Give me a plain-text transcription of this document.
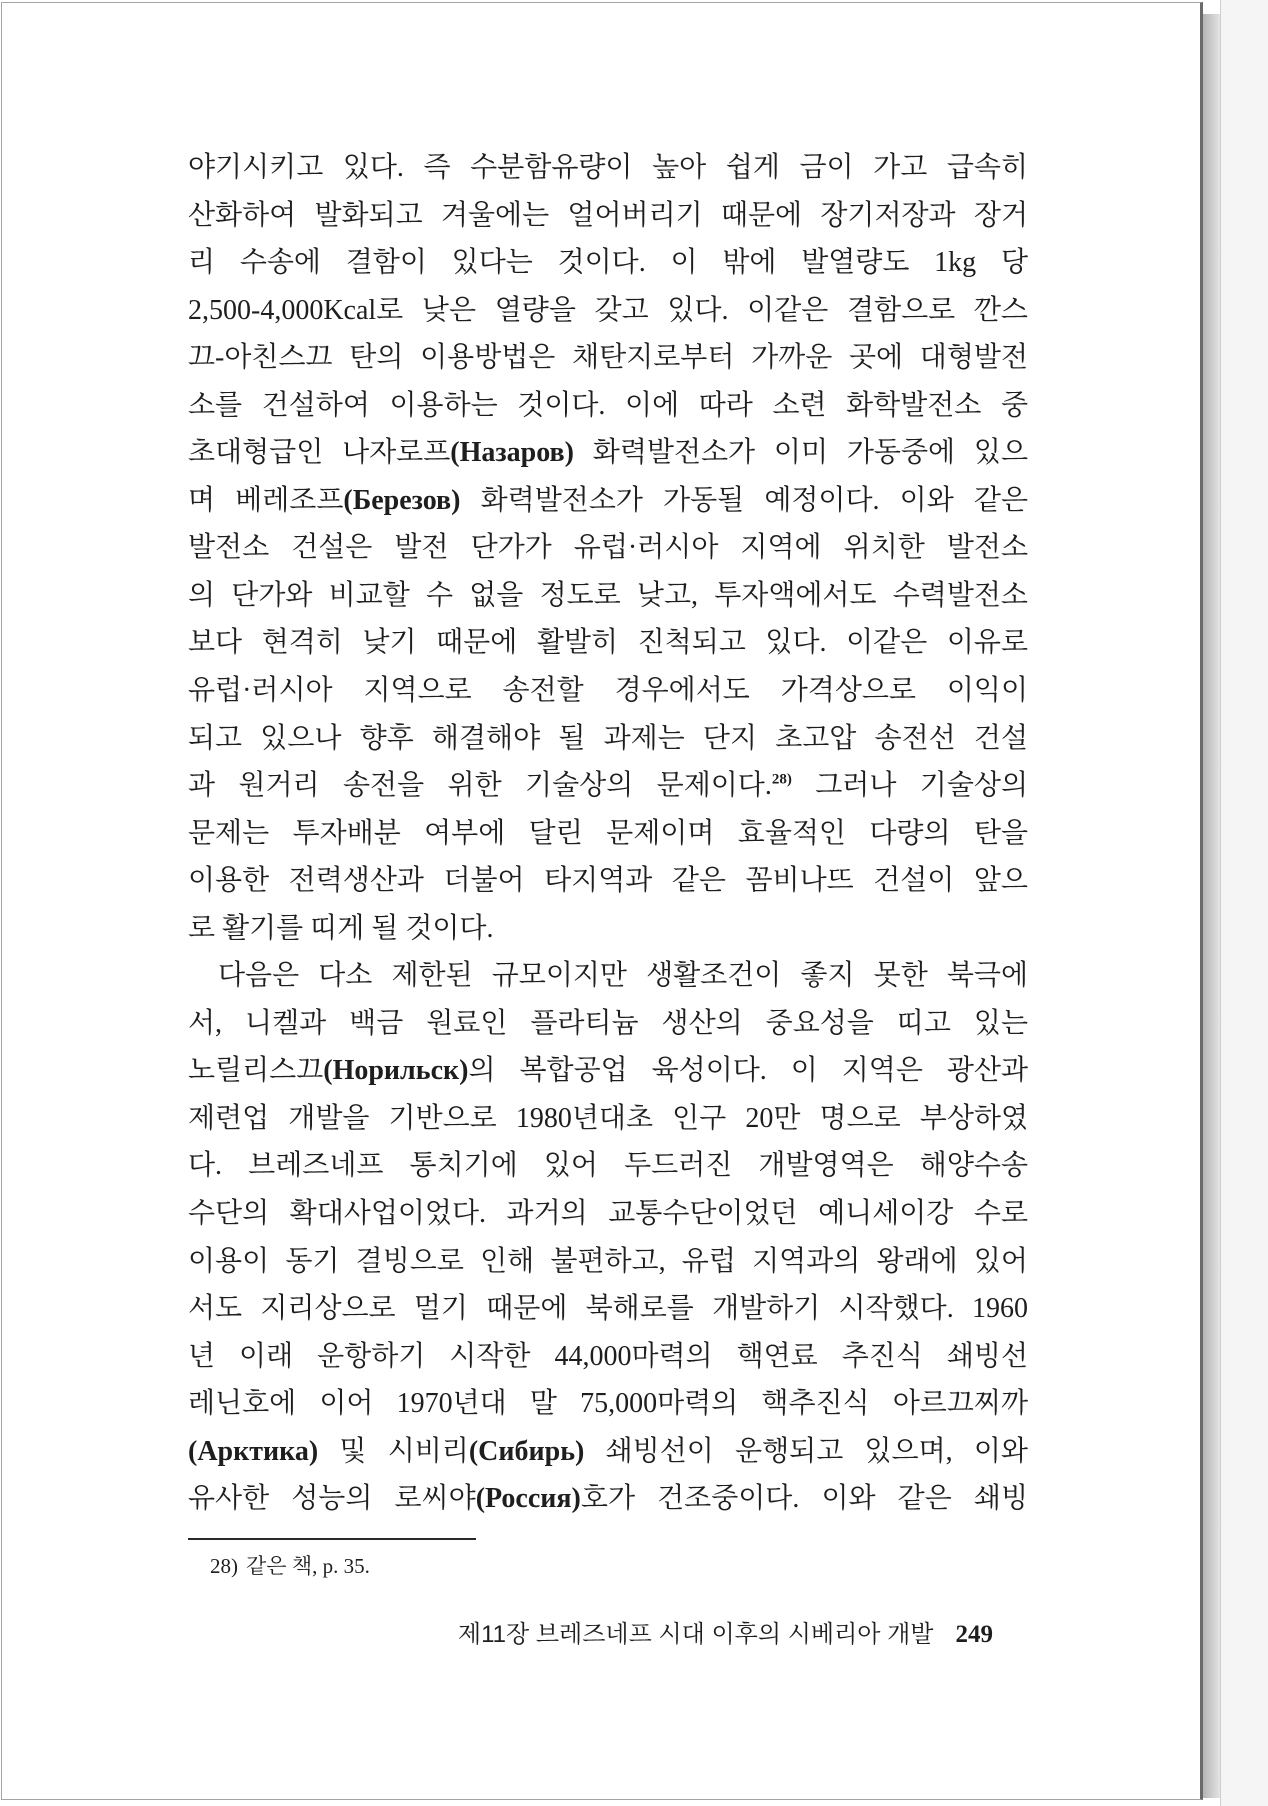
야기시키고 있다. 즉 수분함유량이 높아 쉽게 금이 가고 급속히
산화하여 발화되고 겨울에는 얼어버리기 때문에 장기저장과 장거
리 수송에 결함이 있다는 것이다. 이 밖에 발열량도 1kg 당
2,500-4,000Kcal로 낮은 열량을 갖고 있다. 이같은 결함으로 깐스
끄-아친스끄 탄의 이용방법은 채탄지로부터 가까운 곳에 대형발전
소를 건설하여 이용하는 것이다. 이에 따라 소련 화학발전소 중
초대형급인 나자로프(Назаров) 화력발전소가 이미 가동중에 있으
며 베레조프(Березов) 화력발전소가 가동될 예정이다. 이와 같은
발전소 건설은 발전 단가가 유럽·러시아 지역에 위치한 발전소
의 단가와 비교할 수 없을 정도로 낮고, 투자액에서도 수력발전소
보다 현격히 낮기 때문에 활발히 진척되고 있다. 이같은 이유로
유럽·러시아 지역으로 송전할 경우에서도 가격상으로 이익이
되고 있으나 향후 해결해야 될 과제는 단지 초고압 송전선 건설
과 원거리 송전을 위한 기술상의 문제이다.$^{28)}$ 그러나 기술상의
문제는 투자배분 여부에 달린 문제이며 효율적인 다량의 탄을
이용한 전력생산과 더불어 타지역과 같은 꼼비나뜨 건설이 앞으
로 활기를 띠게 될 것이다.
다음은 다소 제한된 규모이지만 생활조건이 좋지 못한 북극에
서, 니켈과 백금 원료인 플라티늄 생산의 중요성을 띠고 있는
노릴리스끄(Норильск)의 복합공업 육성이다. 이 지역은 광산과
제련업 개발을 기반으로 1980년대초 인구 20만 명으로 부상하였
다. 브레즈네프 통치기에 있어 두드러진 개발영역은 해양수송
수단의 확대사업이었다. 과거의 교통수단이었던 예니세이강 수로
이용이 동기 결빙으로 인해 불편하고, 유럽 지역과의 왕래에 있어
서도 지리상으로 멀기 때문에 북해로를 개발하기 시작했다. 1960
년 이래 운항하기 시작한 44,000마력의 핵연료 추진식 쇄빙선
레닌호에 이어 1970년대 말 75,000마력의 핵추진식 아르끄찌까
(Арктика) 및 시비리(Сибирь) 쇄빙선이 운행되고 있으며, 이와
유사한 성능의 로씨야(Россия)호가 건조중이다. 이와 같은 쇄빙
28) 같은 책, p. 35.
제11장 브레즈네프 시대 이후의 시베리아 개발 249
